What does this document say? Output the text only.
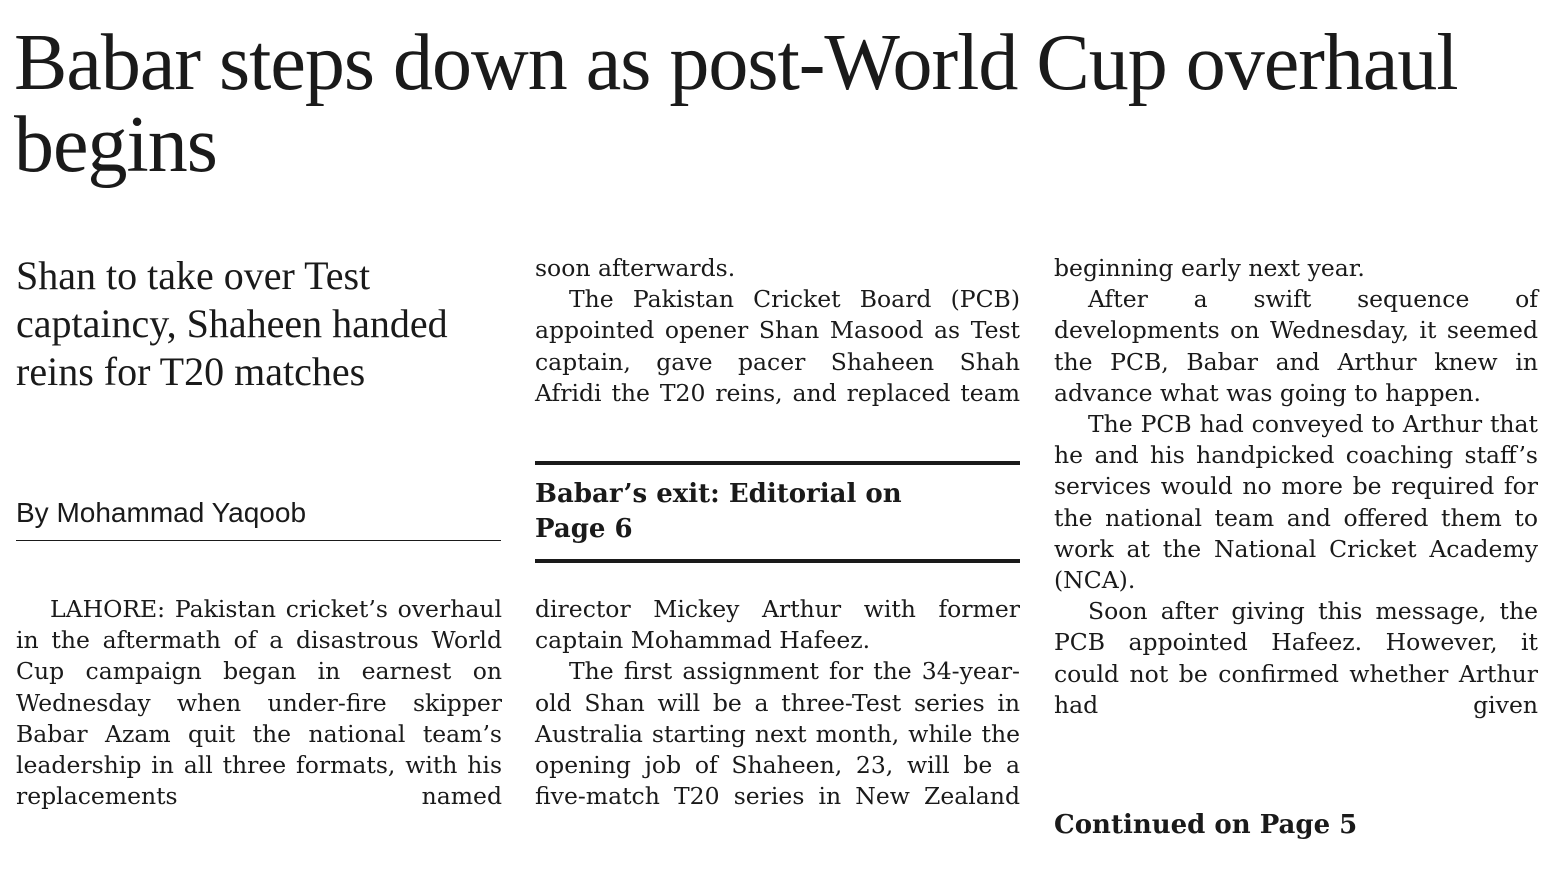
Babar steps down as post-World Cup overhaul begins
Shan to take over Test captaincy, Shaheen handed reins for T20 matches

By Mohammad Yaqoob

LAHORE: Pakistan cricket’s overhaul in the aftermath of a disastrous World Cup campaign began in earnest on Wednesday when under-fire skipper Babar Azam quit the national team’s leadership in all three formats, with his replacements named

soon afterwards.

The Pakistan Cricket Board (PCB) appointed opener Shan Masood as Test captain, gave pacer Shaheen Shah Afridi the T20 reins, and replaced team

Babar’s exit: Editorial on Page 6

director Mickey Arthur with former captain Mohammad Hafeez.

The first assignment for the 34-year-old Shan will be a three-Test series in Australia starting next month, while the opening job of Shaheen, 23, will be a five-match T20 series in New Zealand

beginning early next year.

After a swift sequence of developments on Wednesday, it seemed the PCB, Babar and Arthur knew in advance what was going to happen.

The PCB had conveyed to Arthur that he and his handpicked coaching staff’s services would no more be required for the national team and offered them to work at the National Cricket Academy (NCA).

Soon after giving this message, the PCB appointed Hafeez. However, it could not be confirmed whether Arthur had given

Continued on Page 5
